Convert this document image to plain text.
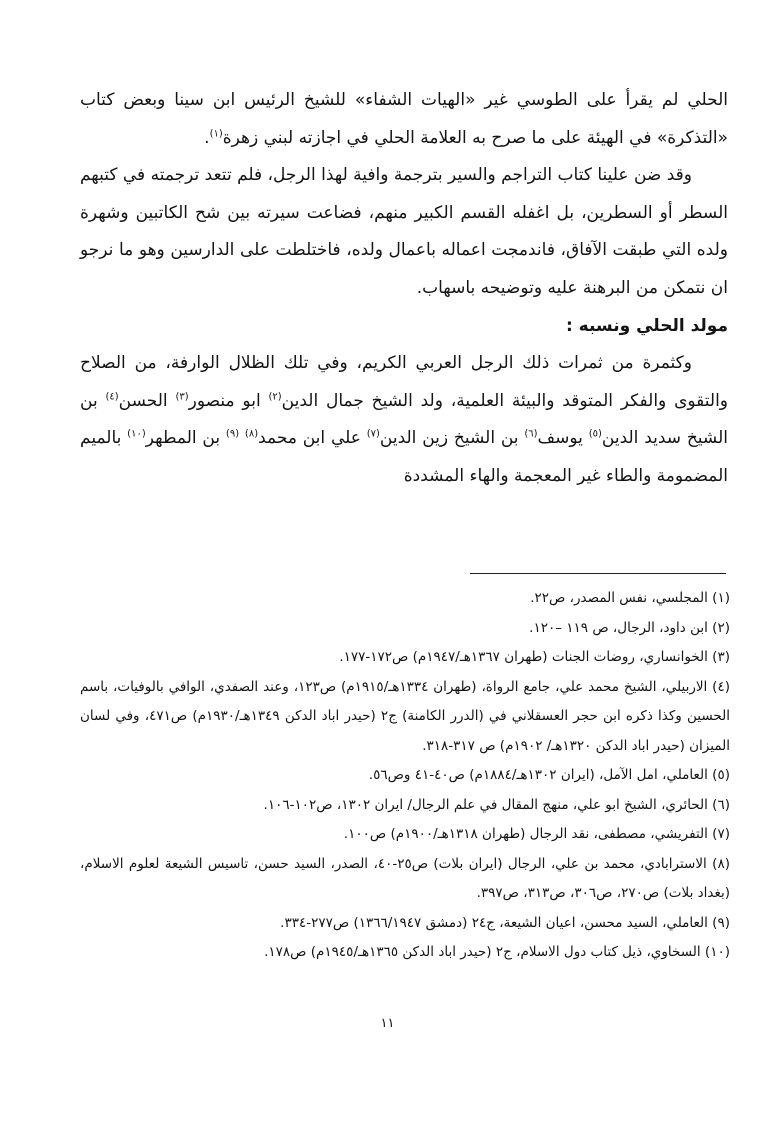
الحلي لم يقرأ على الطوسي غير «الهيات الشفاء» للشيخ الرئيس ابن سينا وبعض كتاب «التذكرة» في الهيئة على ما صرح به العلامة الحلي في اجازته لبني زهرة$^{(١)}$.

وقد ضن علينا كتاب التراجم والسير بترجمة وافية لهذا الرجل، فلم تتعد ترجمته في كتبهم السطر أو السطرين، بل اغفله القسم الكبير منهم، فضاعت سيرته بين شح الكاتبين وشهرة ولده التي طبقت الآفاق، فاندمجت اعماله باعمال ولده، فاختلطت على الدارسين وهو ما نرجو ان نتمكن من البرهنة عليه وتوضيحه باسهاب.

مولد الحلي ونسبه :

وكثمرة من ثمرات ذلك الرجل العربي الكريم، وفي تلك الظلال الوارفة، من الصلاح والتقوى والفكر المتوقد والبيئة العلمية، ولد الشيخ جمال الدين$^{(٢)}$ ابو منصور$^{(٣)}$ الحسن$^{(٤)}$ بن الشيخ سديد الدين$^{(٥)}$ يوسف$^{(٦)}$ بن الشيخ زين الدين$^{(٧)}$ علي ابن محمد$^{(٨)}$ $^{(٩)}$ بن المطهر$^{(١٠)}$ بالميم المضمومة والطاء غير المعجمة والهاء المشددة

(١) المجلسي، نفس المصدر، ص٢٢.
(٢) ابن داود، الرجال، ص ١١٩ –١٢٠.
(٣) الخوانساري، روضات الجنات (طهران ١٣٦٧هـ/١٩٤٧م) ص١٧٢-١٧٧.
(٤) الاربيلي، الشيخ محمد علي، جامع الرواة، (طهران ١٣٣٤هـ/١٩١٥م) ص١٢٣، وعند الصفدي، الوافي بالوفيات، باسم الحسين وكذا ذكره ابن حجر العسقلاني في (الدرر الكامنة) ج٢ (حيدر اباد الدكن ١٣٤٩هـ/١٩٣٠م) ص٤٧١، وفي لسان الميزان (حيدر اباد الدكن ١٣٢٠هـ/ ١٩٠٢م) ص ٣١٧-٣١٨.
(٥) العاملي، امل الآمل، (ايران ١٣٠٢هـ/١٨٨٤م) ص٤٠-٤١ وص٥٦.
(٦) الحائري، الشيخ ابو علي، منهج المقال في علم الرجال/ ايران ١٣٠٢، ص١٠٢-١٠٦.
(٧) التفريشي، مصطفى، نقد الرجال (طهران ١٣١٨هـ/١٩٠٠م) ص١٠٠.
(٨) الاسترابادي، محمد بن علي، الرجال (ايران بلات) ص٢٥-٤٠، الصدر، السيد حسن، تاسيس الشيعة لعلوم الاسلام، (بغداد بلات) ص٢٧٠، ص٣٠٦، ص٣١٣، ص٣٩٧.
(٩) العاملي، السيد محسن، اعيان الشيعة، ج٢٤ (دمشق ١٣٦٦/١٩٤٧) ص٢٧٧-٣٣٤.
(١٠) السخاوي، ذيل كتاب دول الاسلام، ج٢ (حيدر اباد الدكن ١٣٦٥هـ/١٩٤٥م) ص١٧٨.
١١
